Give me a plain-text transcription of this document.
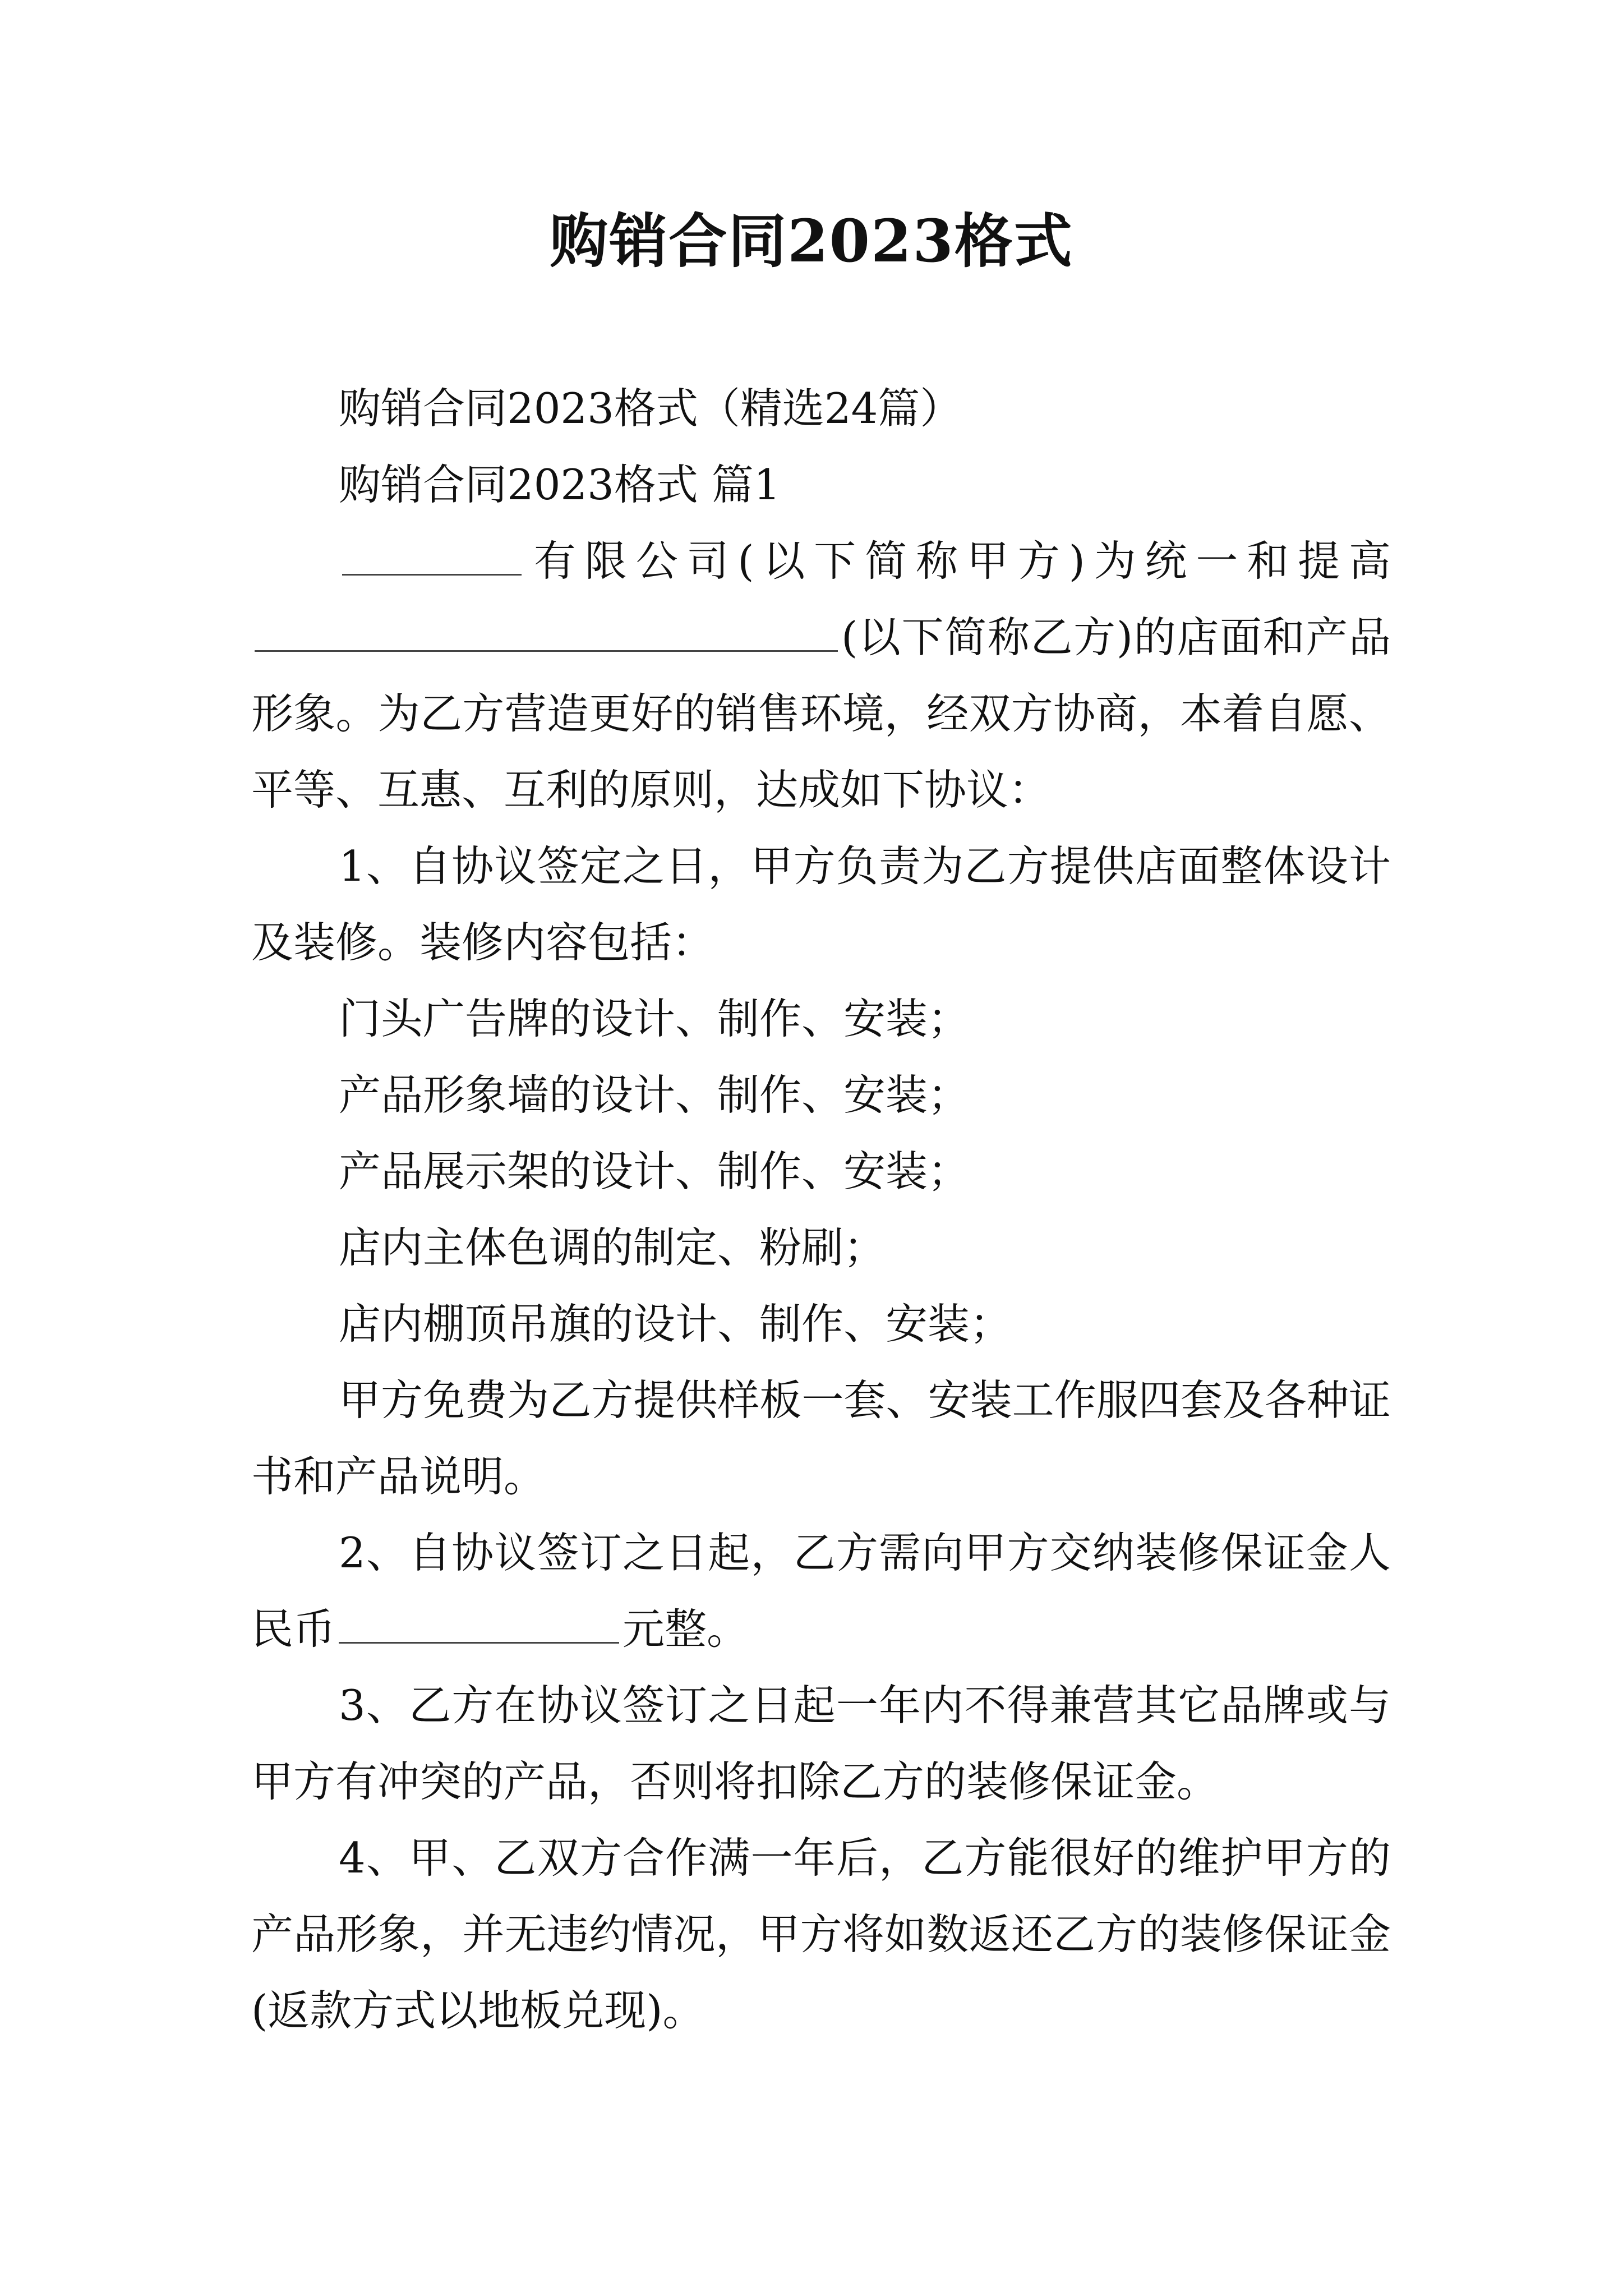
购销合同2023格式

购销合同2023格式（精选24篇）

购销合同2023格式 篇1

有限公司(以下简称甲方)为统一和提高(以下简称乙方)的店面和产品形象。为乙方营造更好的销售环境，经双方协商，本着自愿、平等、互惠、互利的原则，达成如下协议：

1、自协议签定之日，甲方负责为乙方提供店面整体设计及装修。装修内容包括：

门头广告牌的设计、制作、安装；

产品形象墙的设计、制作、安装；

产品展示架的设计、制作、安装；

店内主体色调的制定、粉刷；

店内棚顶吊旗的设计、制作、安装；

甲方免费为乙方提供样板一套、安装工作服四套及各种证书和产品说明。

2、自协议签订之日起，乙方需向甲方交纳装修保证金人民币	元整。

3、乙方在协议签订之日起一年内不得兼营其它品牌或与甲方有冲突的产品，否则将扣除乙方的装修保证金。

4、甲、乙双方合作满一年后，乙方能很好的维护甲方的产品形象，并无违约情况，甲方将如数返还乙方的装修保证金(返款方式以地板兑现)。
